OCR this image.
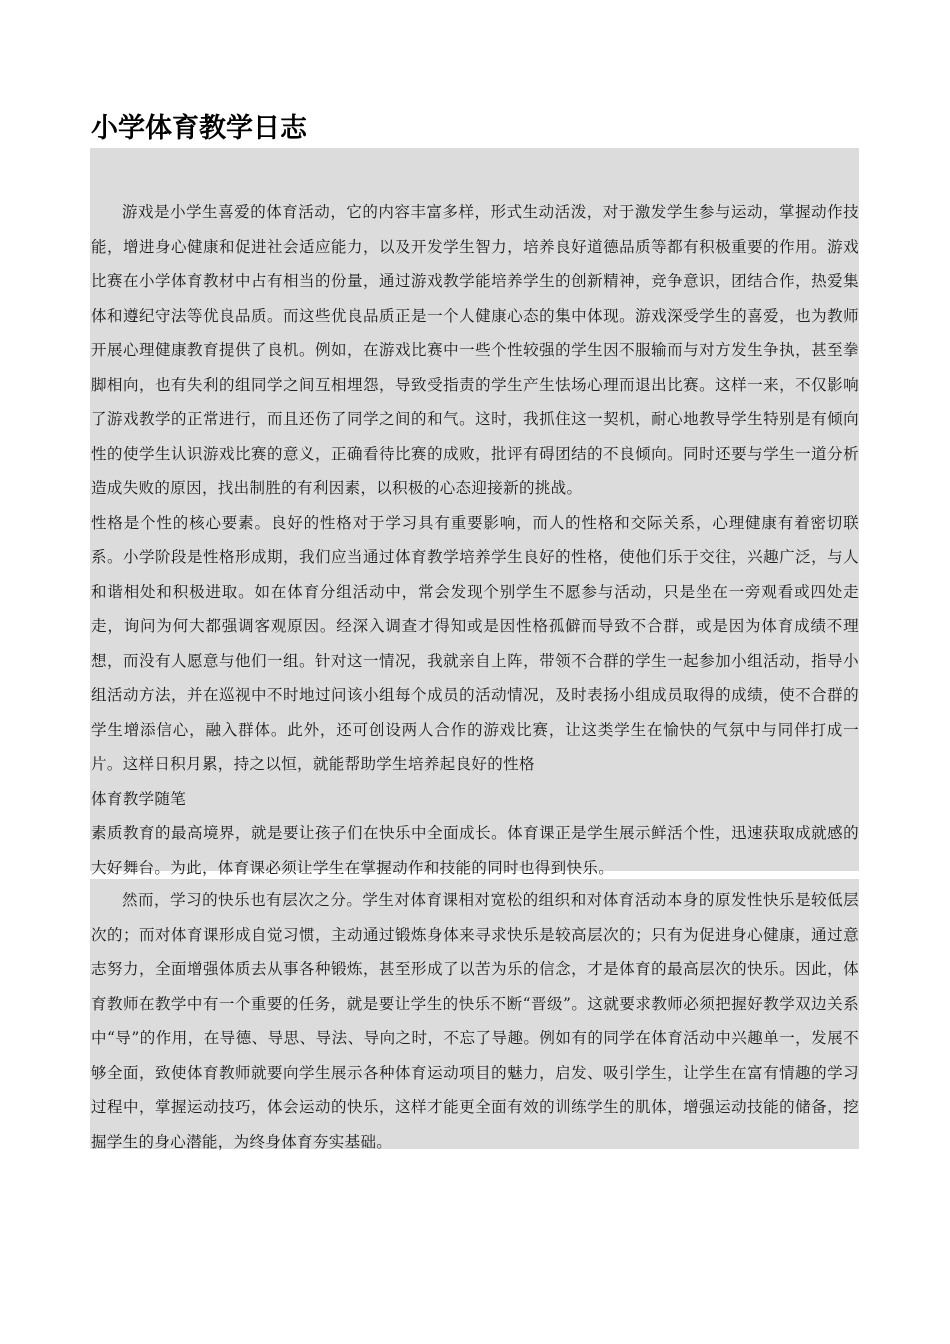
小学体育教学日志

游戏是小学生喜爱的体育活动，它的内容丰富多样，形式生动活泼，对于激发学生参与运动，掌握动作技能，增进身心健康和促进社会适应能力，以及开发学生智力，培养良好道德品质等都有积极重要的作用。游戏比赛在小学体育教材中占有相当的份量，通过游戏教学能培养学生的创新精神，竞争意识，团结合作，热爱集体和遵纪守法等优良品质。而这些优良品质正是一个人健康心态的集中体现。游戏深受学生的喜爱，也为教师开展心理健康教育提供了良机。例如，在游戏比赛中一些个性较强的学生因不服输而与对方发生争执，甚至拳脚相向，也有失利的组同学之间互相埋怨，导致受指责的学生产生怯场心理而退出比赛。这样一来，不仅影响了游戏教学的正常进行，而且还伤了同学之间的和气。这时，我抓住这一契机，耐心地教导学生特别是有倾向性的使学生认识游戏比赛的意义，正确看待比赛的成败，批评有碍团结的不良倾向。同时还要与学生一道分析造成失败的原因，找出制胜的有利因素，以积极的心态迎接新的挑战。

性格是个性的核心要素。良好的性格对于学习具有重要影响，而人的性格和交际关系，心理健康有着密切联系。小学阶段是性格形成期，我们应当通过体育教学培养学生良好的性格，使他们乐于交往，兴趣广泛，与人和谐相处和积极进取。如在体育分组活动中，常会发现个别学生不愿参与活动，只是坐在一旁观看或四处走走，询问为何大都强调客观原因。经深入调查才得知或是因性格孤僻而导致不合群，或是因为体育成绩不理想，而没有人愿意与他们一组。针对这一情况，我就亲自上阵，带领不合群的学生一起参加小组活动，指导小组活动方法，并在巡视中不时地过问该小组每个成员的活动情况，及时表扬小组成员取得的成绩，使不合群的学生增添信心，融入群体。此外，还可创设两人合作的游戏比赛，让这类学生在愉快的气氛中与同伴打成一片。这样日积月累，持之以恒，就能帮助学生培养起良好的性格

体育教学随笔

素质教育的最高境界，就是要让孩子们在快乐中全面成长。体育课正是学生展示鲜活个性，迅速获取成就感的大好舞台。为此，体育课必须让学生在掌握动作和技能的同时也得到快乐。

然而，学习的快乐也有层次之分。学生对体育课相对宽松的组织和对体育活动本身的原发性快乐是较低层次的；而对体育课形成自觉习惯，主动通过锻炼身体来寻求快乐是较高层次的；只有为促进身心健康，通过意志努力，全面增强体质去从事各种锻炼，甚至形成了以苦为乐的信念，才是体育的最高层次的快乐。因此，体育教师在教学中有一个重要的任务，就是要让学生的快乐不断“晋级”。这就要求教师必须把握好教学双边关系中“导”的作用，在导德、导思、导法、导向之时，不忘了导趣。例如有的同学在体育活动中兴趣单一，发展不够全面，致使体育教师就要向学生展示各种体育运动项目的魅力，启发、吸引学生，让学生在富有情趣的学习过程中，掌握运动技巧，体会运动的快乐，这样才能更全面有效的训练学生的肌体，增强运动技能的储备，挖掘学生的身心潜能，为终身体育夯实基础。
